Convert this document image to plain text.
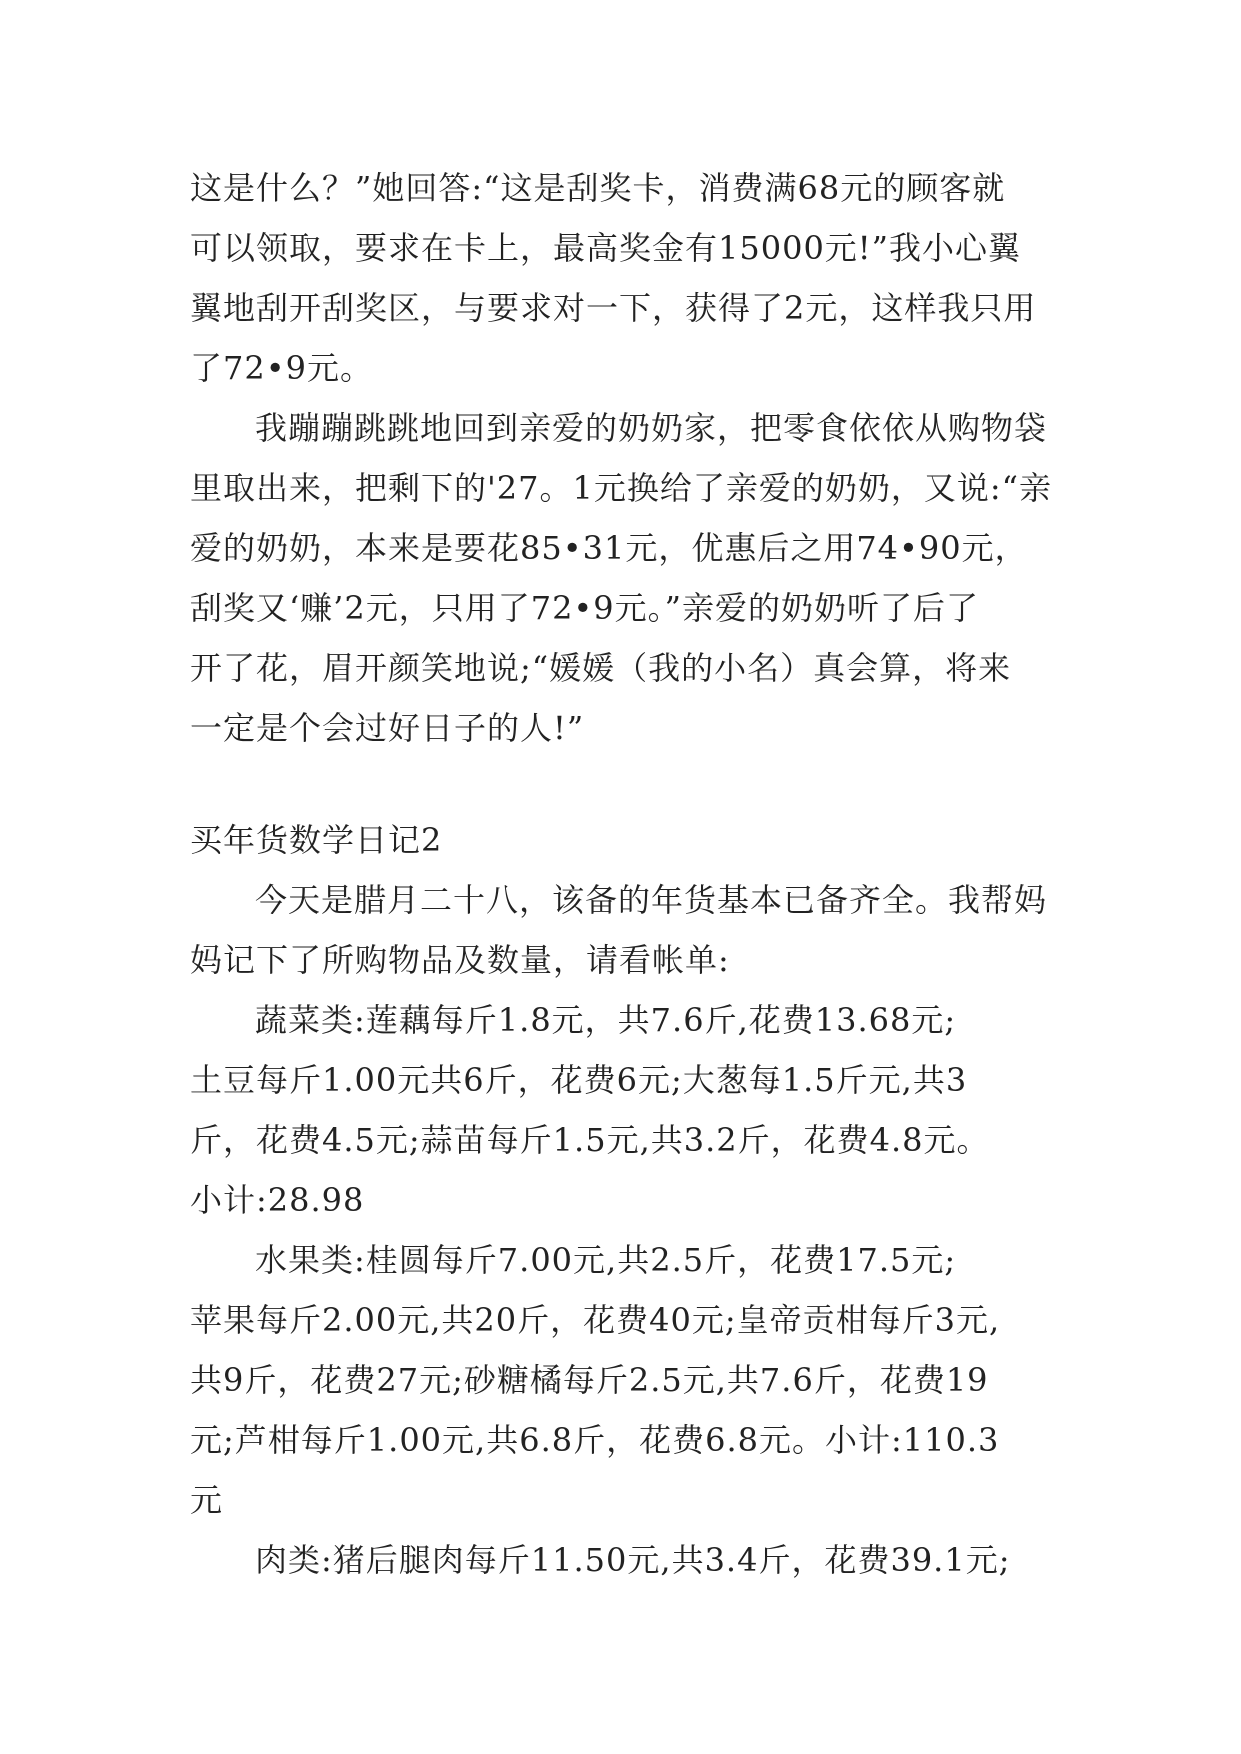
这是什么？”她回答:“这是刮奖卡，消费满68元的顾客就
可以领取，要求在卡上，最高奖金有15000元!”我小心翼
翼地刮开刮奖区，与要求对一下，获得了2元，这样我只用
了72•9元。
我蹦蹦跳跳地回到亲爱的奶奶家，把零食依依从购物袋
里取出来，把剩下的'27。1元换给了亲爱的奶奶，又说:“亲
爱的奶奶，本来是要花85•31元，优惠后之用74•90元，
刮奖又‘赚’2元，只用了72•9元。”亲爱的奶奶听了后了
开了花，眉开颜笑地说;“媛媛（我的小名）真会算，将来
一定是个会过好日子的人!”
买年货数学日记2
今天是腊月二十八，该备的年货基本已备齐全。我帮妈
妈记下了所购物品及数量，请看帐单:
蔬菜类:莲藕每斤1.8元，共7.6斤,花费13.68元;
土豆每斤1.00元共6斤，花费6元;大葱每1.5斤元,共3
斤，花费4.5元;蒜苗每斤1.5元,共3.2斤，花费4.8元。
小计:28.98
水果类:桂圆每斤7.00元,共2.5斤，花费17.5元;
苹果每斤2.00元,共20斤，花费40元;皇帝贡柑每斤3元,
共9斤，花费27元;砂糖橘每斤2.5元,共7.6斤，花费19
元;芦柑每斤1.00元,共6.8斤，花费6.8元。小计:110.3
元
肉类:猪后腿肉每斤11.50元,共3.4斤，花费39.1元;
